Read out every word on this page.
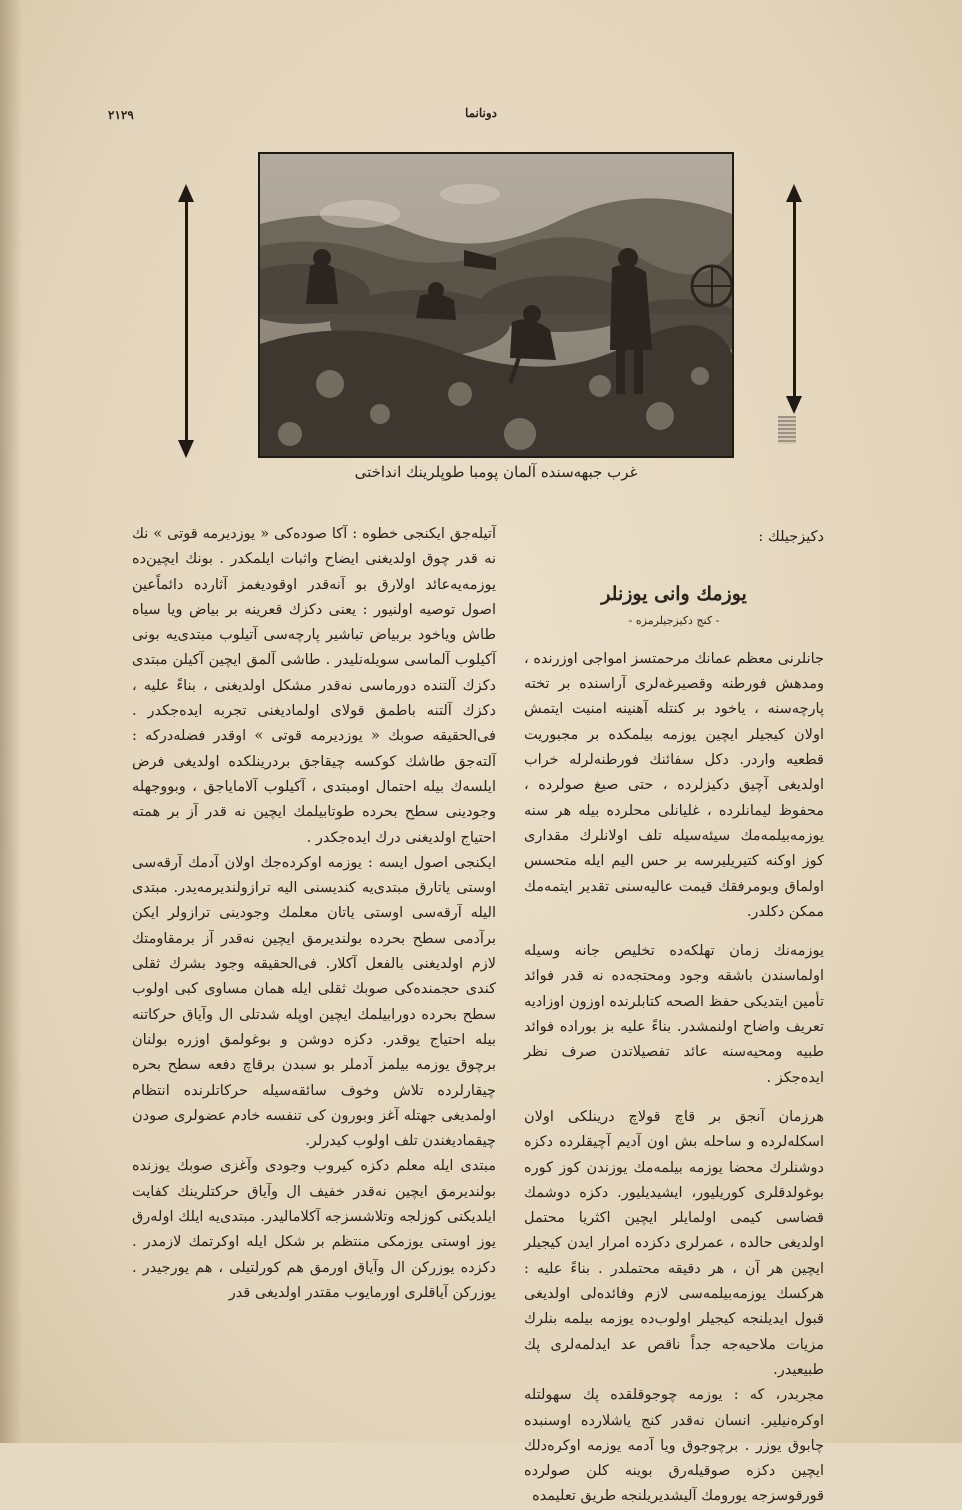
٢١٢٩	دونانما
غرب جبهه‌سنده آلمان پومبا طوپلرینك انداختی

دكیزجیلك :

یوزمك وانی یوزنلر

- كنج دكیزجیلرمزه -

جانلرنی معظم عمانك مرحمتسز امواجی اوزرنده ، ومدهش فورطنه وقصیرغه‌لری آراسنده بر تخته پارچه‌سنه ، یاخود بر كنتله آهنینه امنیت ایتمش اولان كیجیلر ایچین یوزمه بیلمكده بر مجبوریت قطعیه واردر. دكل سفائنك فورطنه‌لرله خراب اولدیغی آچیق دكیزلرده ، حتی صیغ صولرده ، محفوظ لیمانلرده ، غلیانلی محلرده بیله هر سنه یوزمه‌بیلمه‌مك سیئه‌سیله تلف اولانلرك مقداری كوز اوكنه كتیریلیرسه بر حس اليم ايله متحسس اولماق وبومرفقك قیمت عالیه‌سنی تقدیر ایتمه‌مك ممكن دكلدر.

یوزمه‌نك زمان تهلكه‌ده تخلیص جانه وسیله اولماسندن باشقه وجود ومحتجه‌ده نه قدر فوائد تأمین ایتدیكی حفظ الصحه كتابلرنده اوزون اوزادیه تعریف واضاح اولنمشدر. بناءً علیه بز بوراده فوائد طبیه ومحیه‌سنه عائد تفصیلاتدن صرف نظر ایده‌جكز .

هرزمان آنجق بر قاچ قولاچ درینلكی اولان اسكله‌لرده و ساحله بش اون آدیم آچیقلرده دكزه دوشنلرك محضا یوزمه بیلمه‌مك یوزندن كوز كوره بوغولدقلری كوریلیور، ایشیدیلیور. دكزه دوشمك قضاسی كیمی اولمایلر ایچین اكثریا محتمل اولدیغی حالده ، عمرلری دكزده امرار ایدن كیجیلر ایچین هر آن ، هر دقیقه محتملدر . بناءً علیه : هركسك یوزمه‌بیلمه‌سی لازم وفائده‌لی اولدیغی قبول ایدیلنجه كیجیلر اولوب‌ده یوزمه بیلمه بنلرك مزیات ملاحیه‌جه جداً ناقص عد ایدلمه‌لری پك طبیعیدر.

مجربدر، كه : یوزمه چوجوقلقده پك سهولتله اوكره‌نیلیر. انسان نه‌قدر كنج یاشلارده اوسنبده چابوق یوزر . برچوجوق ویا آدمه یوزمه اوكره‌دلك ایچین دكزه صوقیله‌رق بوینه كلن صولرده قورقوسزجه یورومك آلیشدیریلنجه طریق تعلیمده

آتیله‌جق ایكنجی خطوه : آكا صوده‌كی « یوزدیرمه قوتی » نك نه قدر چوق اولدیغنی ایضاح واثبات ایلمكدر . بونك ایچین‌ده یوزمه‌یه‌عائد اولارق بو آنه‌قدر اوقودیغمز آثارده دائماً‌عین اصول توصیه اولنیور : یعنی دكزك قعرینه بر بیاض ویا سیاه طاش ویاخود بربیاض تباشیر پارچه‌سی آتیلوب مبتدی‌یه بونی آكیلوب آلماسی سویله‌نلیدر . طاشی آلمق ایچین آكیلن مبتدی دكزك آلتنده دورماسی نه‌قدر مشكل اولدیغنی ، بناءً علیه ، دكزك آلتنه باطمق قولای اولمادیغنی تجربه ایده‌جكدر . فی‌الحقیقه صوبك « یوزدیرمه قوتی » اوقدر فضله‌دركه : آلته‌جق طاشك كوكسه چیقاجق بردرینلكده اولدیغی فرض ایلسه‌ك بیله احتمال اومبتدی ، آكیلوب آلاماياجق ، وبووجهله وجودینی سطح بحرده طوتابیلمك ایچین نه قدر آز بر همته احتیاج اولدیغنی درك ایده‌جكدر .

ایكنجی اصول ایسه : یوزمه اوكرده‌جك اولان آدمك آرقه‌سی اوستی یاتارق مبتدی‌یه كندیسنی الیه ترازولندیرمه‌یدر. مبتدی الیله آرقه‌سی اوستی یاتان معلمك وجودینی ترازولر ایكن برآدمی سطح بحرده بولندیرمق ایچین نه‌قدر آز برمقاومتك لازم اولدیغنی بالفعل آكلار. فی‌الحقیقه وجود بشرك ثقلی كندی حجمنده‌كی صوبك ثقلی ایله همان مساوی كبی اولوب سطح بحرده دورابیلمك ایچین اوپله شدتلی ال وآیاق حركاتنه بیله احتیاج یوقدر. دكزه دوشن و بوغولمق اوزره بولنان برچوق یوزمه بیلمز آدملر بو سبدن برقاچ دفعه سطح بحره چیقارلر‌ده تلاش وخوف سائقه‌سیله حركاتلرنده انتظام اولمدیغی جهتله آغز وبورون كی تنفسه خادم عضولری صودن چیقمادیغندن تلف اولوب كیدرلر.

مبتدی ایله معلم دكزه كیروب وجودی وآغزی صوبك یوزنده بولندیرمق ایچین نه‌قدر خفیف ال وآیاق حركتلرینك كفایت ایلدیكنی كوزلجه وتلاشسزجه آكلامالیدر. مبتدی‌یه ایلك اوله‌رق یوز اوستی یوزمكی منتظم بر شكل ایله اوكرتمك لازمدر . دكزده یوزركن ال وآیاق اورمق هم كورلتیلی ، هم یورجیدر . یوزركن آیاقلری اورمایوب مقتدر اولدیغی قدر
